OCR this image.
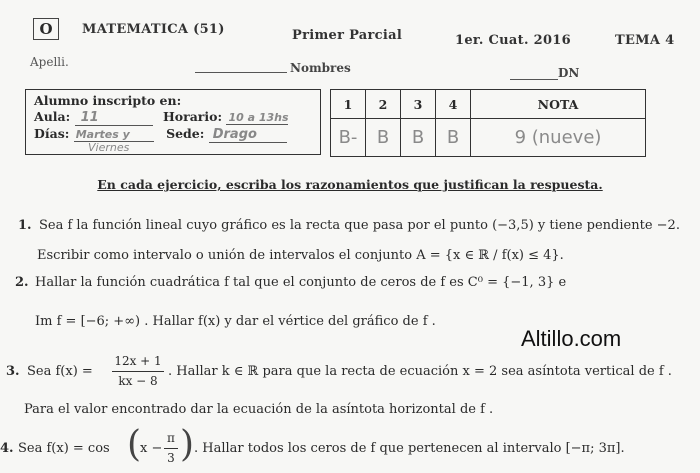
O	MATEMATICA (51)	Primer Parcial	1er. Cuat. 2016	TEMA 4
Apelli.	Nombres	DN
Alumno inscripto en:
Aula: 11	Horario: 10 a 13hs
Días: Martes y	Sede: Drago
Viernes
1	2	3	4	NOTA
B-	B	B	B	9 (nueve)
En cada ejercicio, escriba los razonamientos que justifican la respuesta.
1. Sea f la función lineal cuyo gráfico es la recta que pasa por el punto (−3,5) y tiene pendiente −2.
Escribir como intervalo o unión de intervalos el conjunto A = {x ∈ ℝ / f(x) ≤ 4}.
2. Hallar la función cuadrática f tal que el conjunto de ceros de f es C⁰ = {−1, 3} e
Im f = [−6; +∞) . Hallar f(x) y dar el vértice del gráfico de f .
Altillo.com
3. Sea f(x) =
12x + 1
kx − 8
. Hallar k ∈ ℝ para que la recta de ecuación x = 2 sea asíntota vertical de f .
Para el valor encontrado dar la ecuación de la asíntota horizontal de f .
4. Sea f(x) = cos (
x −
π
3 ) . Hallar todos los ceros de f que pertenecen al intervalo [−π; 3π].
